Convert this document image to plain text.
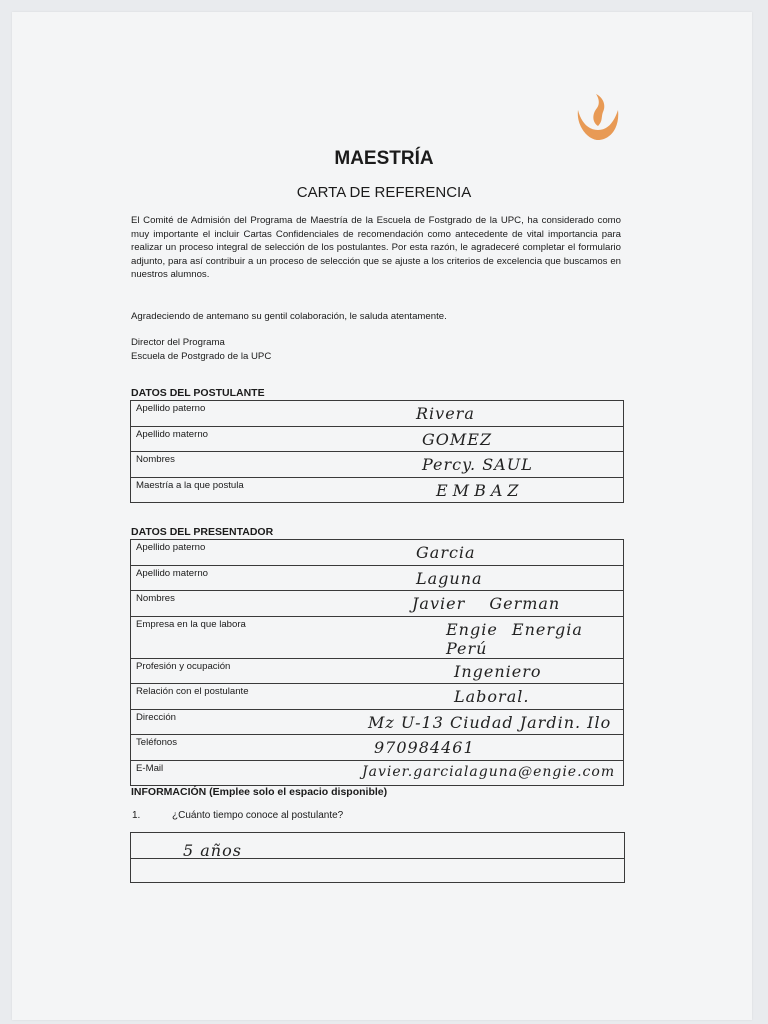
MAESTRÍA
CARTA DE REFERENCIA
El Comité de Admisión del Programa de Maestría de la Escuela de Fostgrado de la UPC, ha considerado como muy importante el incluir Cartas Confidenciales de recomendación como antecedente de vital importancia para realizar un proceso integral de selección de los postulantes. Por esta razón, le agradeceré completar el formulario adjunto, para así contribuir a un proceso de selección que se ajuste a los criterios de excelencia que buscamos en nuestros alumnos.
Agradeciendo de antemano su gentil colaboración, le saluda atentamente.
Director del Programa
Escuela de Postgrado de la UPC
DATOS DEL POSTULANTE
Apellido paterno	Rivera
Apellido materno	GOMEZ
Nombres	Percy. SAUL
Maestría a la que postula	EMBAZ
DATOS DEL PRESENTADOR
Apellido paterno	Garcia
Apellido materno	Laguna
Nombres	Javier German
Empresa en la que labora	Engie Energia Perú
Profesión y ocupación	Ingeniero
Relación con el postulante	Laboral.
Dirección	Mz U-13 Ciudad Jardin. Ilo
Teléfonos	970984461
E-Mail	Javier.garcialaguna@engie.com
INFORMACIÓN (Emplee solo el espacio disponible)
1.	¿Cuánto tiempo conoce al postulante?
5 años
